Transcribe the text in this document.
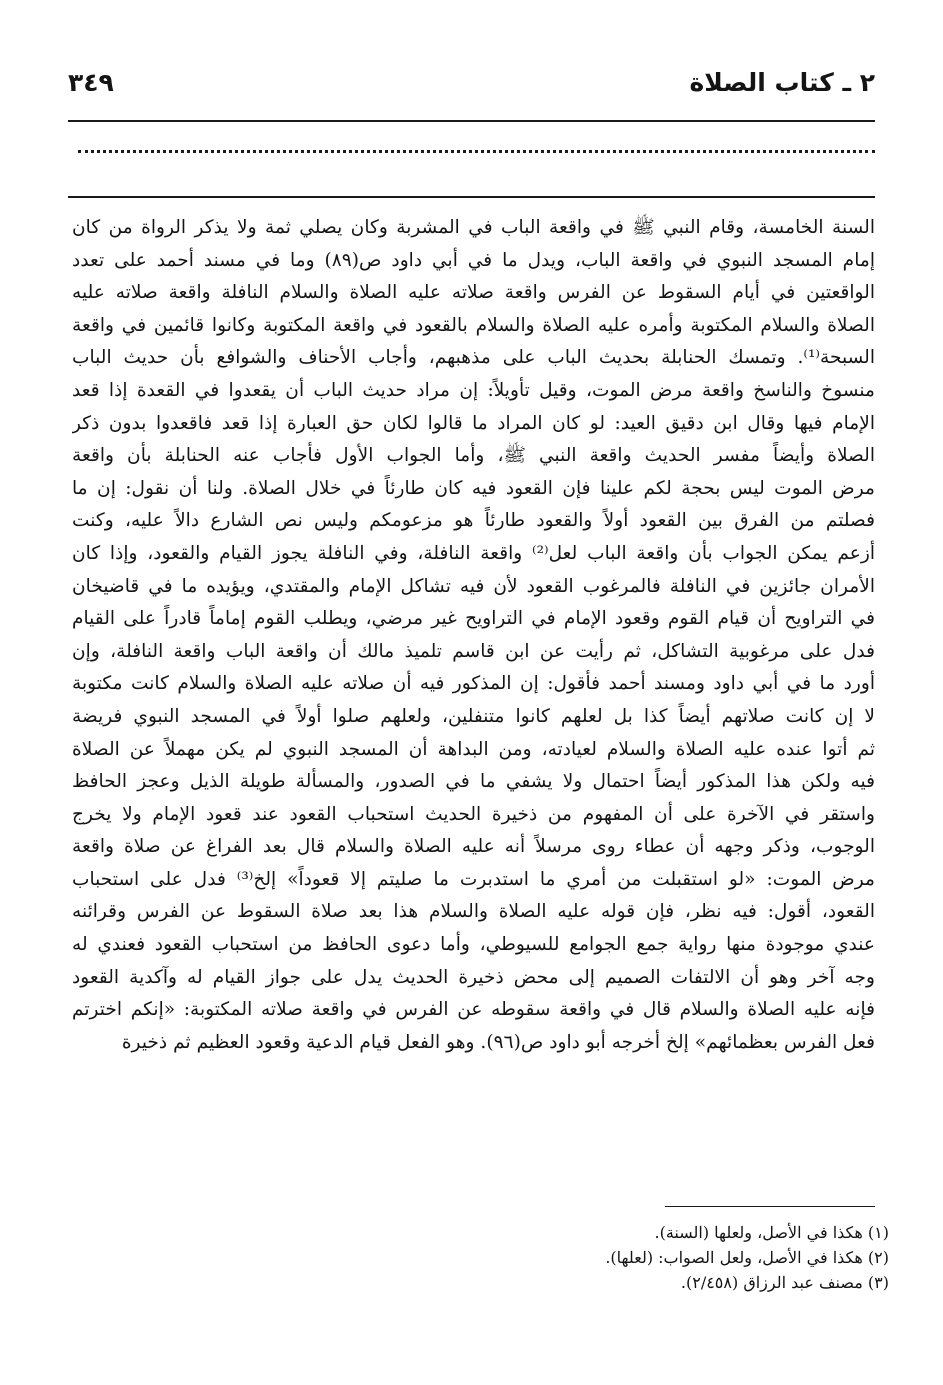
٢ ـ كتاب الصلاة
٣٤٩
السنة الخامسة، وقام النبي ﷺ في واقعة الباب في المشربة وكان يصلي ثمة ولا يذكر الرواة من كان
إمام المسجد النبوي في واقعة الباب، ويدل ما في أبي داود ص(٨٩) وما في مسند أحمد على تعدد
الواقعتين في أيام السقوط عن الفرس واقعة صلاته عليه الصلاة والسلام النافلة واقعة صلاته عليه
الصلاة والسلام المكتوبة وأمره عليه الصلاة والسلام بالقعود في واقعة المكتوبة وكانوا قائمين في واقعة
السبحة⁽¹⁾. وتمسك الحنابلة بحديث الباب على مذهبهم، وأجاب الأحناف والشوافع بأن حديث الباب
منسوخ والناسخ واقعة مرض الموت، وقيل تأويلاً: إن مراد حديث الباب أن يقعدوا في القعدة إذا قعد
الإمام فيها وقال ابن دقيق العيد: لو كان المراد ما قالوا لكان حق العبارة إذا قعد فاقعدوا بدون ذكر
الصلاة وأيضاً مفسر الحديث واقعة النبي ﷺ، وأما الجواب الأول فأجاب عنه الحنابلة بأن واقعة
مرض الموت ليس بحجة لكم علينا فإن القعود فيه كان طارئاً في خلال الصلاة. ولنا أن نقول: إن ما
فصلتم من الفرق بين القعود أولاً والقعود طارئاً هو مزعومكم وليس نص الشارع دالاً عليه، وكنت
أزعم يمكن الجواب بأن واقعة الباب لعل⁽²⁾ واقعة النافلة، وفي النافلة يجوز القيام والقعود، وإذا كان
الأمران جائزين في النافلة فالمرغوب القعود لأن فيه تشاكل الإمام والمقتدي، ويؤيده ما في قاضيخان
في التراويح أن قيام القوم وقعود الإمام في التراويح غير مرضي، ويطلب القوم إماماً قادراً على القيام
فدل على مرغوبية التشاكل، ثم رأيت عن ابن قاسم تلميذ مالك أن واقعة الباب واقعة النافلة، وإن
أورد ما في أبي داود ومسند أحمد فأقول: إن المذكور فيه أن صلاته عليه الصلاة والسلام كانت مكتوبة
لا إن كانت صلاتهم أيضاً كذا بل لعلهم كانوا متنفلين، ولعلهم صلوا أولاً في المسجد النبوي فريضة
ثم أتوا عنده عليه الصلاة والسلام لعيادته، ومن البداهة أن المسجد النبوي لم يكن مهملاً عن الصلاة
فيه ولكن هذا المذكور أيضاً احتمال ولا يشفي ما في الصدور، والمسألة طويلة الذيل وعجز الحافظ
واستقر في الآخرة على أن المفهوم من ذخيرة الحديث استحباب القعود عند قعود الإمام ولا يخرج
الوجوب، وذكر وجهه أن عطاء روى مرسلاً أنه عليه الصلاة والسلام قال بعد الفراغ عن صلاة واقعة
مرض الموت: «لو استقبلت من أمري ما استدبرت ما صليتم إلا قعوداً» إلخ⁽³⁾ فدل على استحباب
القعود، أقول: فيه نظر، فإن قوله عليه الصلاة والسلام هذا بعد صلاة السقوط عن الفرس وقرائنه
عندي موجودة منها رواية جمع الجوامع للسيوطي، وأما دعوى الحافظ من استحباب القعود فعندي له
وجه آخر وهو أن الالتفات الصميم إلى محض ذخيرة الحديث يدل على جواز القيام له وآكدية القعود
فإنه عليه الصلاة والسلام قال في واقعة سقوطه عن الفرس في واقعة صلاته المكتوبة: «إنكم اخترتم
فعل الفرس بعظمائهم» إلخ أخرجه أبو داود ص(٩٦). وهو الفعل قيام الدعية وقعود العظيم ثم ذخيرة
(١) هكذا في الأصل، ولعلها (السنة).
(٢) هكذا في الأصل، ولعل الصواب: (لعلها).
(٣) مصنف عبد الرزاق (٢/٤٥٨).
